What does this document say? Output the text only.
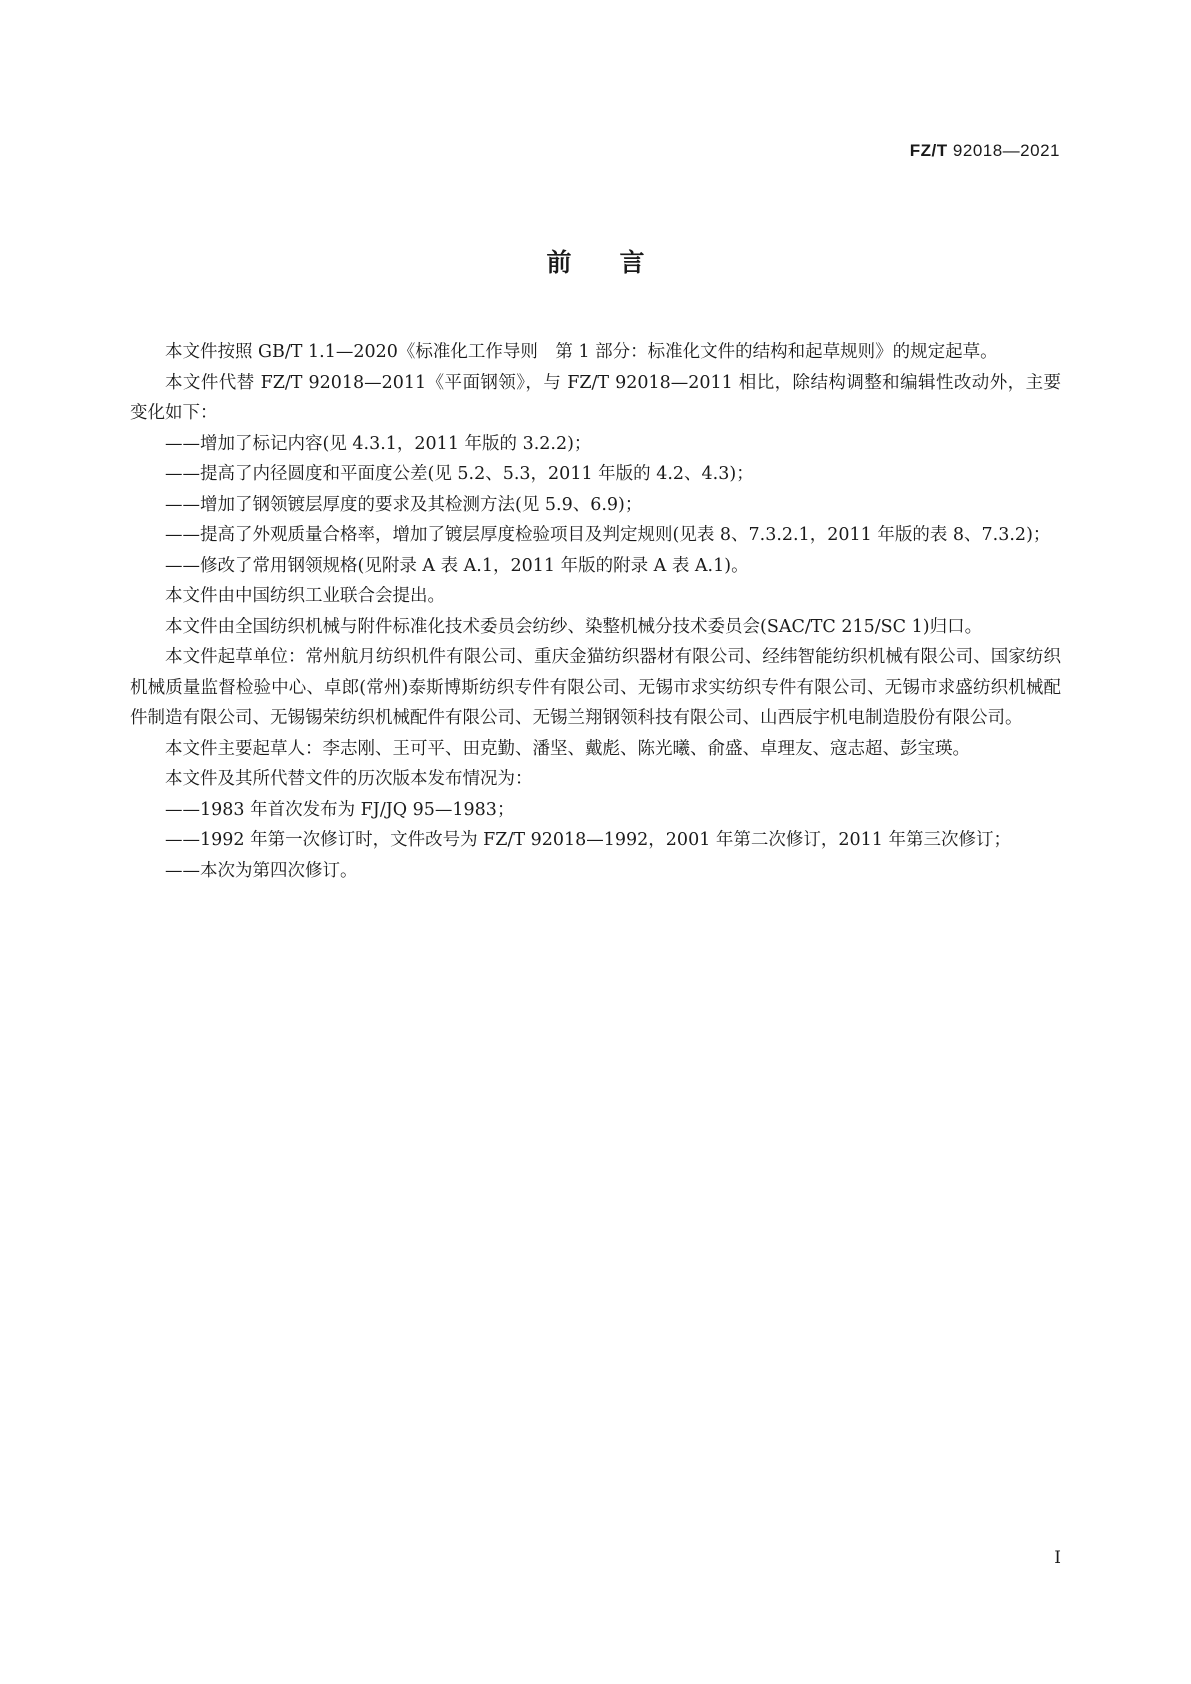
FZ/T 92018—2021
前言

本文件按照 GB/T 1.1—2020《标准化工作导则　第 1 部分：标准化文件的结构和起草规则》的规定起草。

本文件代替 FZ/T 92018—2011《平面钢领》，与 FZ/T 92018—2011 相比，除结构调整和编辑性改动外，主要变化如下：

——增加了标记内容(见 4.3.1，2011 年版的 3.2.2)；

——提高了内径圆度和平面度公差(见 5.2、5.3，2011 年版的 4.2、4.3)；

——增加了钢领镀层厚度的要求及其检测方法(见 5.9、6.9)；

——提高了外观质量合格率，增加了镀层厚度检验项目及判定规则(见表 8、7.3.2.1，2011 年版的表 8、7.3.2)；

——修改了常用钢领规格(见附录 A 表 A.1，2011 年版的附录 A 表 A.1)。

本文件由中国纺织工业联合会提出。

本文件由全国纺织机械与附件标准化技术委员会纺纱、染整机械分技术委员会(SAC/TC 215/SC 1)归口。

本文件起草单位：常州航月纺织机件有限公司、重庆金猫纺织器材有限公司、经纬智能纺织机械有限公司、国家纺织机械质量监督检验中心、卓郎(常州)泰斯博斯纺织专件有限公司、无锡市求实纺织专件有限公司、无锡市求盛纺织机械配件制造有限公司、无锡锡荣纺织机械配件有限公司、无锡兰翔钢领科技有限公司、山西辰宇机电制造股份有限公司。

本文件主要起草人：李志刚、王可平、田克勤、潘坚、戴彪、陈光曦、俞盛、卓理友、寇志超、彭宝瑛。

本文件及其所代替文件的历次版本发布情况为：

——1983 年首次发布为 FJ/JQ 95—1983；

——1992 年第一次修订时，文件改号为 FZ/T 92018—1992，2001 年第二次修订，2011 年第三次修订；

——本次为第四次修订。

I
